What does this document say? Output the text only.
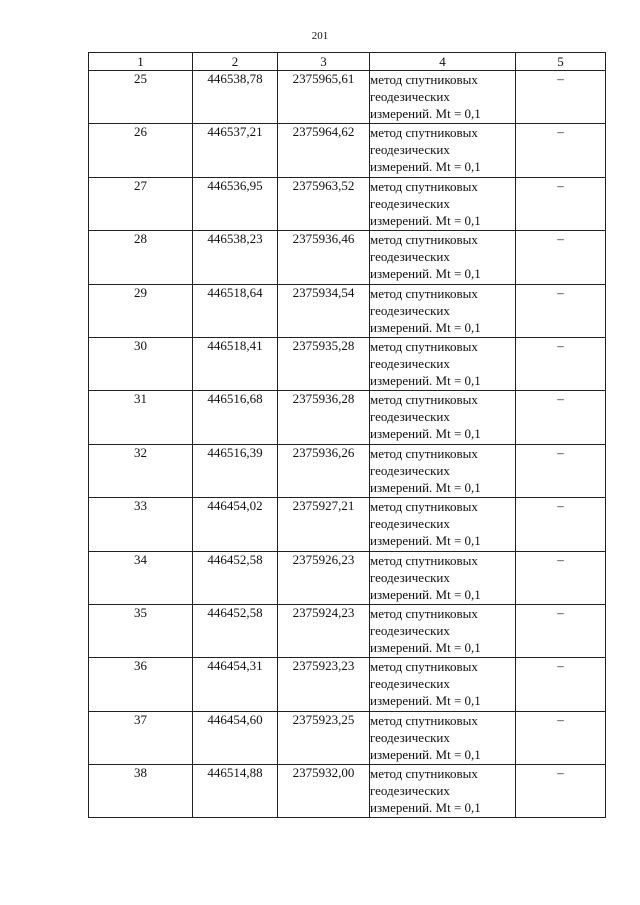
201
1	2	3	4	5
25	446538,78	2375965,61	метод спутниковых
геодезических
измерений. Mt = 0,1	–
26	446537,21	2375964,62	метод спутниковых
геодезических
измерений. Mt = 0,1	–
27	446536,95	2375963,52	метод спутниковых
геодезических
измерений. Mt = 0,1	–
28	446538,23	2375936,46	метод спутниковых
геодезических
измерений. Mt = 0,1	–
29	446518,64	2375934,54	метод спутниковых
геодезических
измерений. Mt = 0,1	–
30	446518,41	2375935,28	метод спутниковых
геодезических
измерений. Mt = 0,1	–
31	446516,68	2375936,28	метод спутниковых
геодезических
измерений. Mt = 0,1	–
32	446516,39	2375936,26	метод спутниковых
геодезических
измерений. Mt = 0,1	–
33	446454,02	2375927,21	метод спутниковых
геодезических
измерений. Mt = 0,1	–
34	446452,58	2375926,23	метод спутниковых
геодезических
измерений. Mt = 0,1	–
35	446452,58	2375924,23	метод спутниковых
геодезических
измерений. Mt = 0,1	–
36	446454,31	2375923,23	метод спутниковых
геодезических
измерений. Mt = 0,1	–
37	446454,60	2375923,25	метод спутниковых
геодезических
измерений. Mt = 0,1	–
38	446514,88	2375932,00	метод спутниковых
геодезических
измерений. Mt = 0,1	–
